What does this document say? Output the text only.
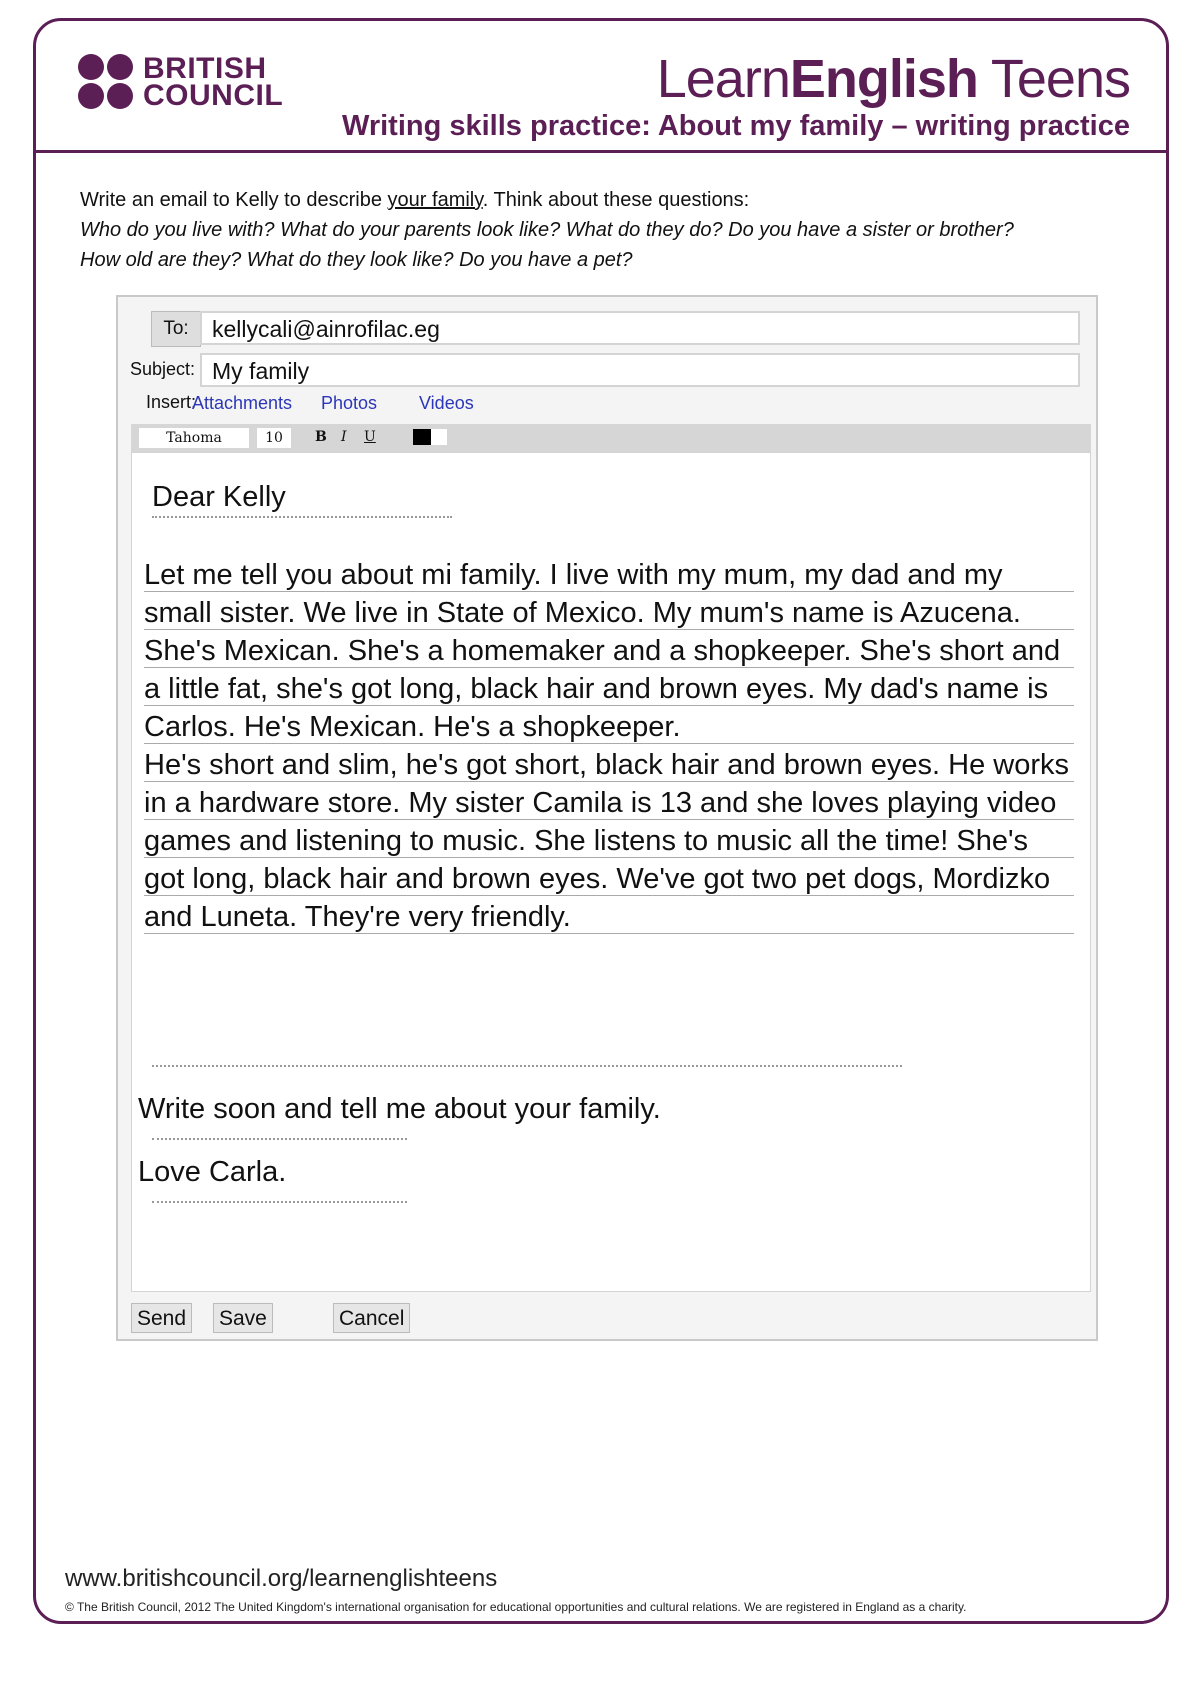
BRITISH
COUNCIL	LearnEnglish Teens
Writing skills practice: About my family – writing practice
Write an email to Kelly to describe your family. Think about these questions:
Who do you live with? What do your parents look like? What do they do? Do you have a sister or brother?
How old are they? What do they look like? Do you have a pet?
To:	kellycali@ainrofilac.eg
Subject: My family
Insert:
Attachments Photos Videos
Tahoma	10	B I U
Dear Kelly

Let me tell you about mi family. I live with my mum, my dad and my small sister. We live in State of Mexico. My mum's name is Azucena. She's Mexican. She's a homemaker and a shopkeeper. She's short and a little fat, she's got long, black hair and brown eyes. My dad's name is Carlos. He's Mexican. He's a shopkeeper.
He's short and slim, he's got short, black hair and brown eyes. He works in a hardware store. My sister Camila is 13 and she loves playing video games and listening to music. She listens to music all the time! She's got long, black hair and brown eyes. We've got two pet dogs, Mordizko and Luneta. They're very friendly.

Write soon and tell me about your family.
Love Carla.
Send Save	Cancel
www.britishcouncil.org/learnenglishteens
© The British Council, 2012 The United Kingdom's international organisation for educational opportunities and cultural relations. We are registered in England as a charity.
